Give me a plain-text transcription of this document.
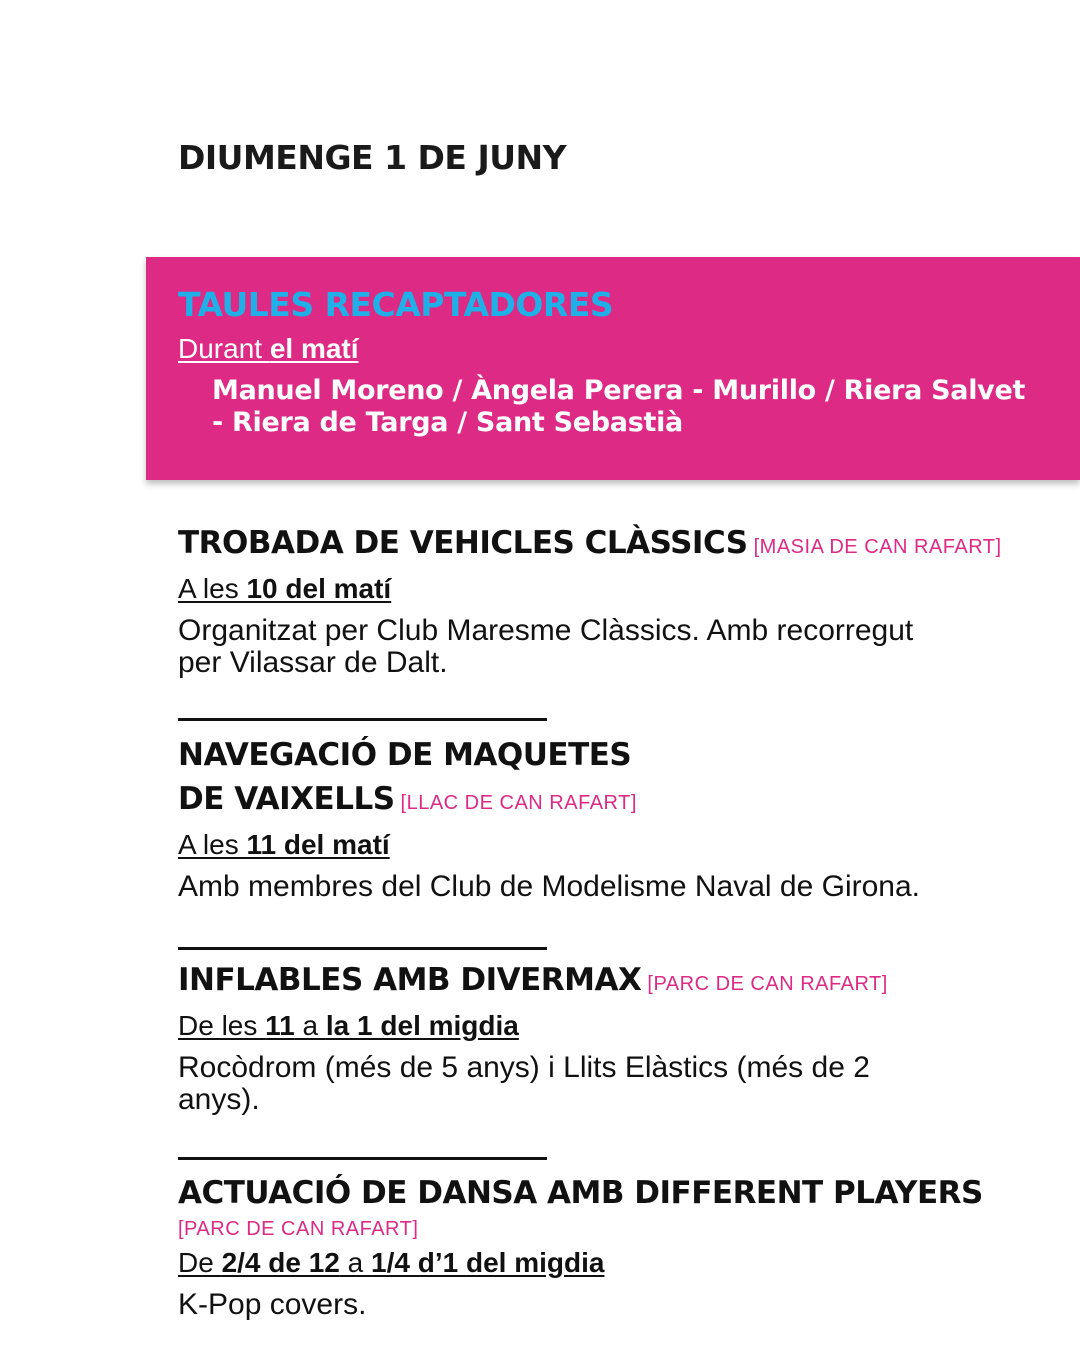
DIUMENGE 1 DE JUNY
TAULES RECAPTADORES
Durant el matí
Manuel Moreno / Àngela Perera - Murillo / Riera Salvet
- Riera de Targa / Sant Sebastià
TROBADA DE VEHICLES CLÀSSICS [MASIA DE CAN RAFART]
A les 10 del matí
Organitzat per Club Maresme Clàssics. Amb recorregut
per Vilassar de Dalt.
NAVEGACIÓ DE MAQUETES
DE VAIXELLS [LLAC DE CAN RAFART]
A les 11 del matí
Amb membres del Club de Modelisme Naval de Girona.
INFLABLES AMB DIVERMAX [PARC DE CAN RAFART]
De les 11 a la 1 del migdia
Rocòdrom (més de 5 anys) i Llits Elàstics (més de 2
anys).
ACTUACIÓ DE DANSA AMB DIFFERENT PLAYERS
[PARC DE CAN RAFART]
De 2/4 de 12 a 1/4 d’1 del migdia
K-Pop covers.
